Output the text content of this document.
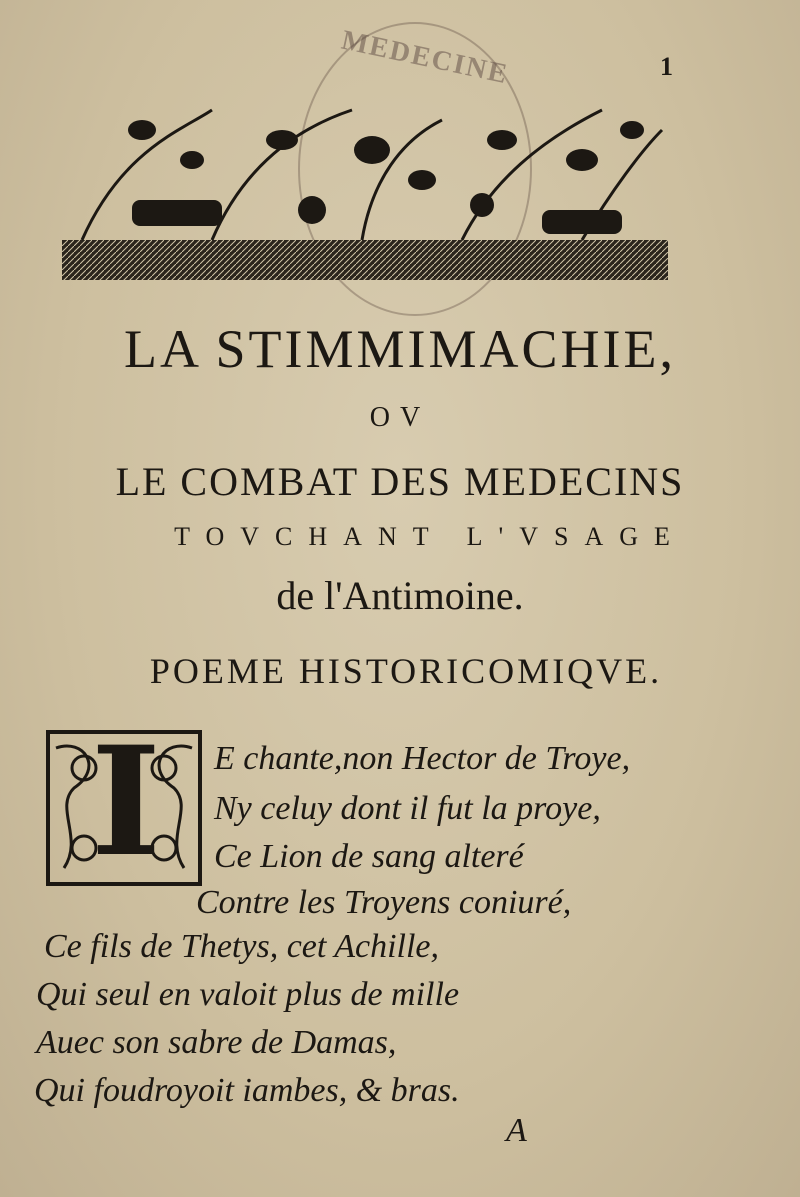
MEDECINE	1
LA STIMMIMACHIE,
OV
LE COMBAT DES MEDECINS
TOVCHANT L'VSAGE
de l'Antimoine.
POEME HISTORICOMIQVE.
I	E chante,non Hector de Troye,
Ny celuy dont il fut la proye,
Ce Lion de sang alteré
Contre les Troyens coniuré,
Ce fils de Thetys, cet Achille,
Qui seul en valoit plus de mille
Auec son sabre de Damas,
Qui foudroyoit iambes, & bras.
A
